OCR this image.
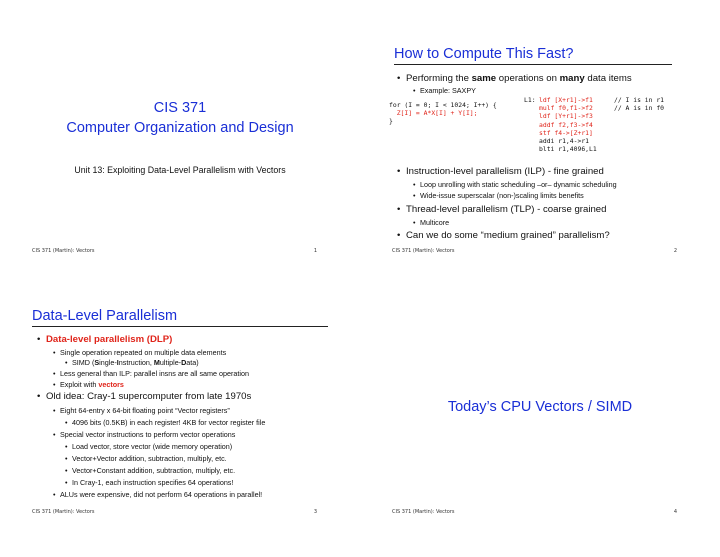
CIS 371
Computer Organization and Design
Unit 13: Exploiting Data-Level Parallelism with Vectors
CIS 371 (Martin): Vectors	1
How to Compute This Fast?
• Performing the same operations on many data items
• Example: SAXPY
for (I = 0; I < 1024; I++) {
Z[I] = A*X[I] + Y[I];
}
L1: ldf [X+r1]->f1
mulf f0,f1->f2
ldf [Y+r1]->f3
addf f2,f3->f4
stf f4->[Z+r1]
addi r1,4->r1
blti r1,4096,L1
// I is in r1
// A is in f0
• Instruction-level parallelism (ILP) - fine grained
• Loop unrolling with static scheduling –or– dynamic scheduling
• Wide-issue superscalar (non-)scaling limits benefits
• Thread-level parallelism (TLP) - coarse grained
• Multicore
• Can we do some “medium grained” parallelism?
CIS 371 (Martin): Vectors	2
Data-Level Parallelism
• Data-level parallelism (DLP)
• Single operation repeated on multiple data elements
• SIMD (Single-Instruction, Multiple-Data)
• Less general than ILP: parallel insns are all same operation
• Exploit with vectors
• Old idea: Cray-1 supercomputer from late 1970s
• Eight 64-entry x 64-bit floating point “Vector registers”
• 4096 bits (0.5KB) in each register! 4KB for vector register file
• Special vector instructions to perform vector operations
• Load vector, store vector (wide memory operation)
• Vector+Vector addition, subtraction, multiply, etc.
• Vector+Constant addition, subtraction, multiply, etc.
• In Cray-1, each instruction specifies 64 operations!
• ALUs were expensive, did not perform 64 operations in parallel!
CIS 371 (Martin): Vectors	3
Today’s CPU Vectors / SIMD
CIS 371 (Martin): Vectors	4
